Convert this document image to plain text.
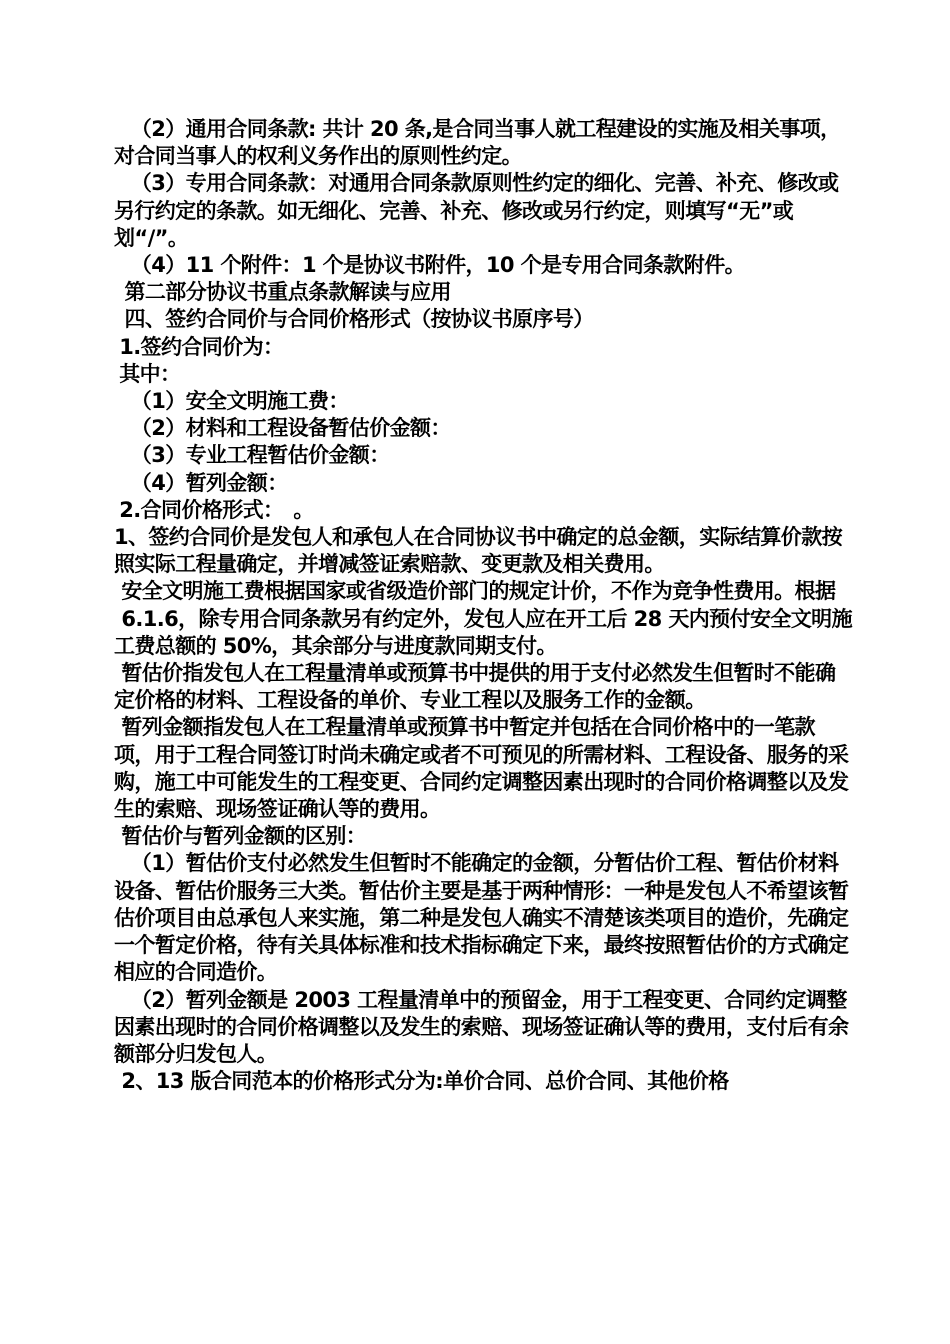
（2）通用合同条款: 共计 20 条,是合同当事人就工程建设的实施及相关事项，对合同当事人的权利义务作出的原则性约定。

（3）专用合同条款：对通用合同条款原则性约定的细化、完善、补充、修改或另行约定的条款。如无细化、完善、补充、修改或另行约定，则填写“无”或划“/”。

（4）11 个附件：1 个是协议书附件，10 个是专用合同条款附件。

第二部分协议书重点条款解读与应用

四、签约合同价与合同价格形式（按协议书原序号）

1.签约合同价为：

其中：

（1）安全文明施工费：

（2）材料和工程设备暂估价金额：

（3）专业工程暂估价金额：

（4）暂列金额：

2.合同价格形式：　。

1、签约合同价是发包人和承包人在合同协议书中确定的总金额，实际结算价款按照实际工程量确定，并增减签证索赔款、变更款及相关费用。

安全文明施工费根据国家或省级造价部门的规定计价，不作为竞争性费用。根据

6.1.6，除专用合同条款另有约定外，发包人应在开工后 28 天内预付安全文明施工费总额的 50%，其余部分与进度款同期支付。

暂估价指发包人在工程量清单或预算书中提供的用于支付必然发生但暂时不能确定价格的材料、工程设备的单价、专业工程以及服务工作的金额。

暂列金额指发包人在工程量清单或预算书中暂定并包括在合同价格中的一笔款项，用于工程合同签订时尚未确定或者不可预见的所需材料、工程设备、服务的采购，施工中可能发生的工程变更、合同约定调整因素出现时的合同价格调整以及发生的索赔、现场签证确认等的费用。

暂估价与暂列金额的区别：

（1）暂估价支付必然发生但暂时不能确定的金额，分暂估价工程、暂估价材料设备、暂估价服务三大类。暂估价主要是基于两种情形：一种是发包人不希望该暂估价项目由总承包人来实施，第二种是发包人确实不清楚该类项目的造价，先确定一个暂定价格，待有关具体标准和技术指标确定下来，最终按照暂估价的方式确定相应的合同造价。

（2）暂列金额是 2003 工程量清单中的预留金，用于工程变更、合同约定调整因素出现时的合同价格调整以及发生的索赔、现场签证确认等的费用，支付后有余额部分归发包人。

2、13 版合同范本的价格形式分为:单价合同、总价合同、其他价格
